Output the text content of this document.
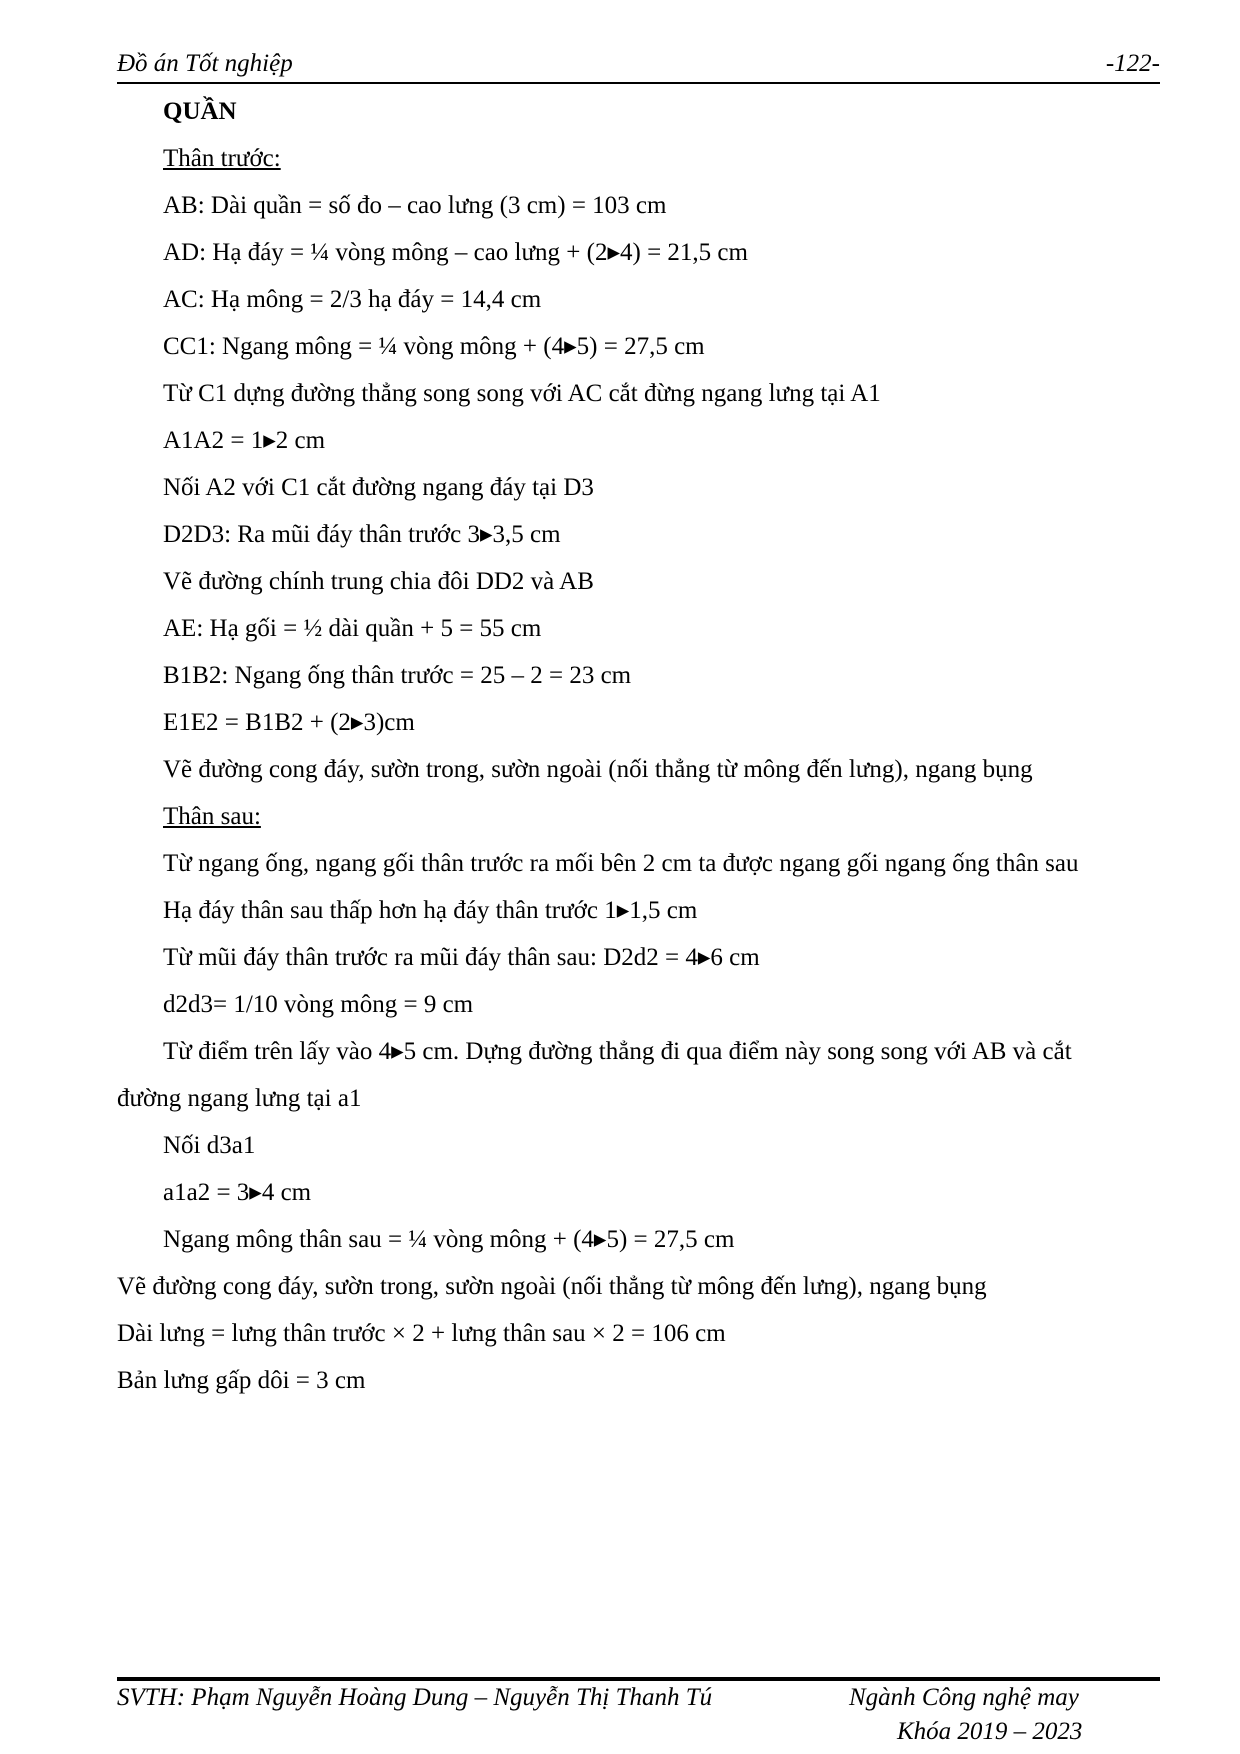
Đồ án Tốt nghiệp	-122-
QUẦN
Thân trước:
AB: Dài quần = số đo – cao lưng (3 cm) = 103 cm
AD: Hạ đáy = ¼ vòng mông – cao lưng + (2▸4) = 21,5 cm
AC: Hạ mông = 2/3 hạ đáy = 14,4 cm
CC1: Ngang mông = ¼ vòng mông + (4▸5) = 27,5 cm
Từ C1 dựng đường thẳng song song với AC cắt đừng ngang lưng tại A1
A1A2 = 1▸2 cm
Nối A2 với C1 cắt đường ngang đáy tại D3
D2D3: Ra mũi đáy thân trước 3▸3,5 cm
Vẽ đường chính trung chia đôi DD2 và AB
AE: Hạ gối = ½ dài quần + 5 = 55 cm
B1B2: Ngang ống thân trước = 25 – 2 = 23 cm
E1E2 = B1B2 + (2▸3)cm
Vẽ đường cong đáy, sườn trong, sườn ngoài (nối thẳng từ mông đến lưng), ngang bụng
Thân sau:
Từ ngang ống, ngang gối thân trước ra mối bên 2 cm ta được ngang gối ngang ống thân sau
Hạ đáy thân sau thấp hơn hạ đáy thân trước 1▸1,5 cm
Từ mũi đáy thân trước ra mũi đáy thân sau: D2d2 = 4▸6 cm
d2d3= 1/10 vòng mông = 9 cm
Từ điểm trên lấy vào 4▸5 cm. Dựng đường thẳng đi qua điểm này song song với AB và cắt
đường ngang lưng tại a1
Nối d3a1
a1a2 = 3▸4 cm
Ngang mông thân sau = ¼ vòng mông + (4▸5) = 27,5 cm
Vẽ đường cong đáy, sườn trong, sườn ngoài (nối thẳng từ mông đến lưng), ngang bụng
Dài lưng = lưng thân trước × 2 + lưng thân sau × 2 = 106 cm
Bản lưng gấp dôi = 3 cm
SVTH: Phạm Nguyễn Hoàng Dung – Nguyễn Thị Thanh Tú	Ngành Công nghệ may
Khóa 2019 – 2023
